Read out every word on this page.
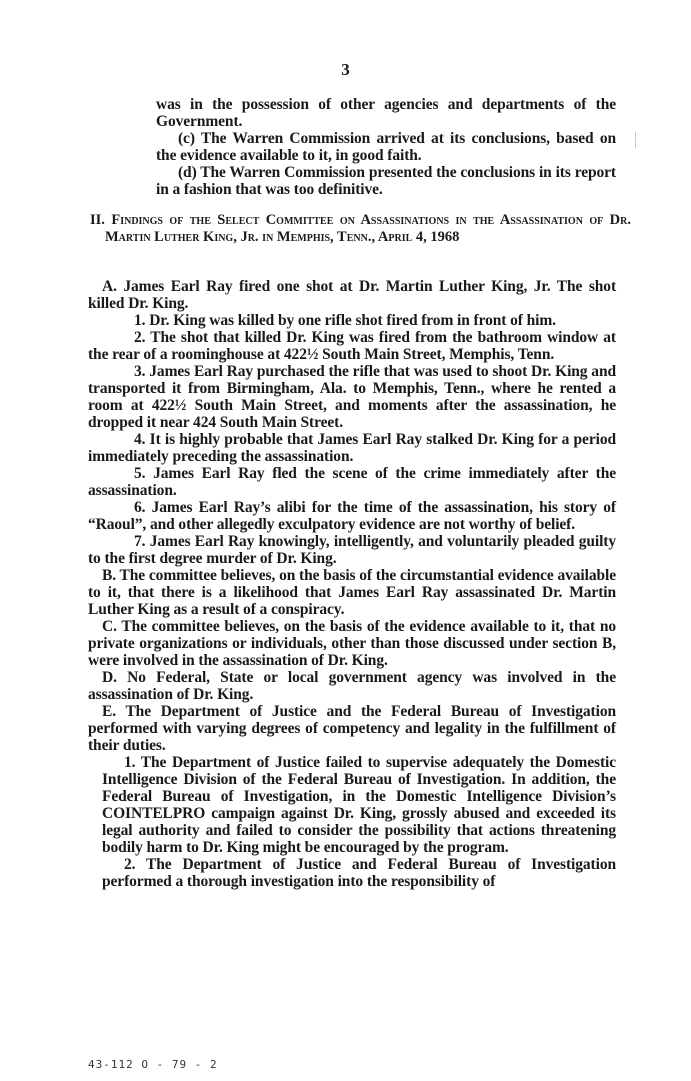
3

was in the possession of other agencies and departments of the Government.

(c) The Warren Commission arrived at its conclusions, based on the evidence available to it, in good faith.

(d) The Warren Commission presented the conclusions in its report in a fashion that was too definitive.

II. Findings of the Select Committee on Assassinations in the Assassination of Dr. Martin Luther King, Jr. in Memphis, Tenn., April 4, 1968

A. James Earl Ray fired one shot at Dr. Martin Luther King, Jr. The shot killed Dr. King.

1. Dr. King was killed by one rifle shot fired from in front of him.

2. The shot that killed Dr. King was fired from the bathroom window at the rear of a roominghouse at 422½ South Main Street, Memphis, Tenn.

3. James Earl Ray purchased the rifle that was used to shoot Dr. King and transported it from Birmingham, Ala. to Memphis, Tenn., where he rented a room at 422½ South Main Street, and moments after the assassination, he dropped it near 424 South Main Street.

4. It is highly probable that James Earl Ray stalked Dr. King for a period immediately preceding the assassination.

5. James Earl Ray fled the scene of the crime immediately after the assassination.

6. James Earl Ray’s alibi for the time of the assassination, his story of “Raoul”, and other allegedly exculpatory evidence are not worthy of belief.

7. James Earl Ray knowingly, intelligently, and voluntarily pleaded guilty to the first degree murder of Dr. King.

B. The committee believes, on the basis of the circumstantial evidence available to it, that there is a likelihood that James Earl Ray assassinated Dr. Martin Luther King as a result of a conspiracy.

C. The committee believes, on the basis of the evidence available to it, that no private organizations or individuals, other than those discussed under section B, were involved in the assassination of Dr. King.

D. No Federal, State or local government agency was involved in the assassination of Dr. King.

E. The Department of Justice and the Federal Bureau of Investigation performed with varying degrees of competency and legality in the fulfillment of their duties.

1. The Department of Justice failed to supervise adequately the Domestic Intelligence Division of the Federal Bureau of Investigation. In addition, the Federal Bureau of Investigation, in the Domestic Intelligence Division’s COINTELPRO campaign against Dr. King, grossly abused and exceeded its legal authority and failed to consider the possibility that actions threatening bodily harm to Dr. King might be encouraged by the program.

2. The Department of Justice and Federal Bureau of Investigation performed a thorough investigation into the responsibility of

43-112 O - 79 - 2
